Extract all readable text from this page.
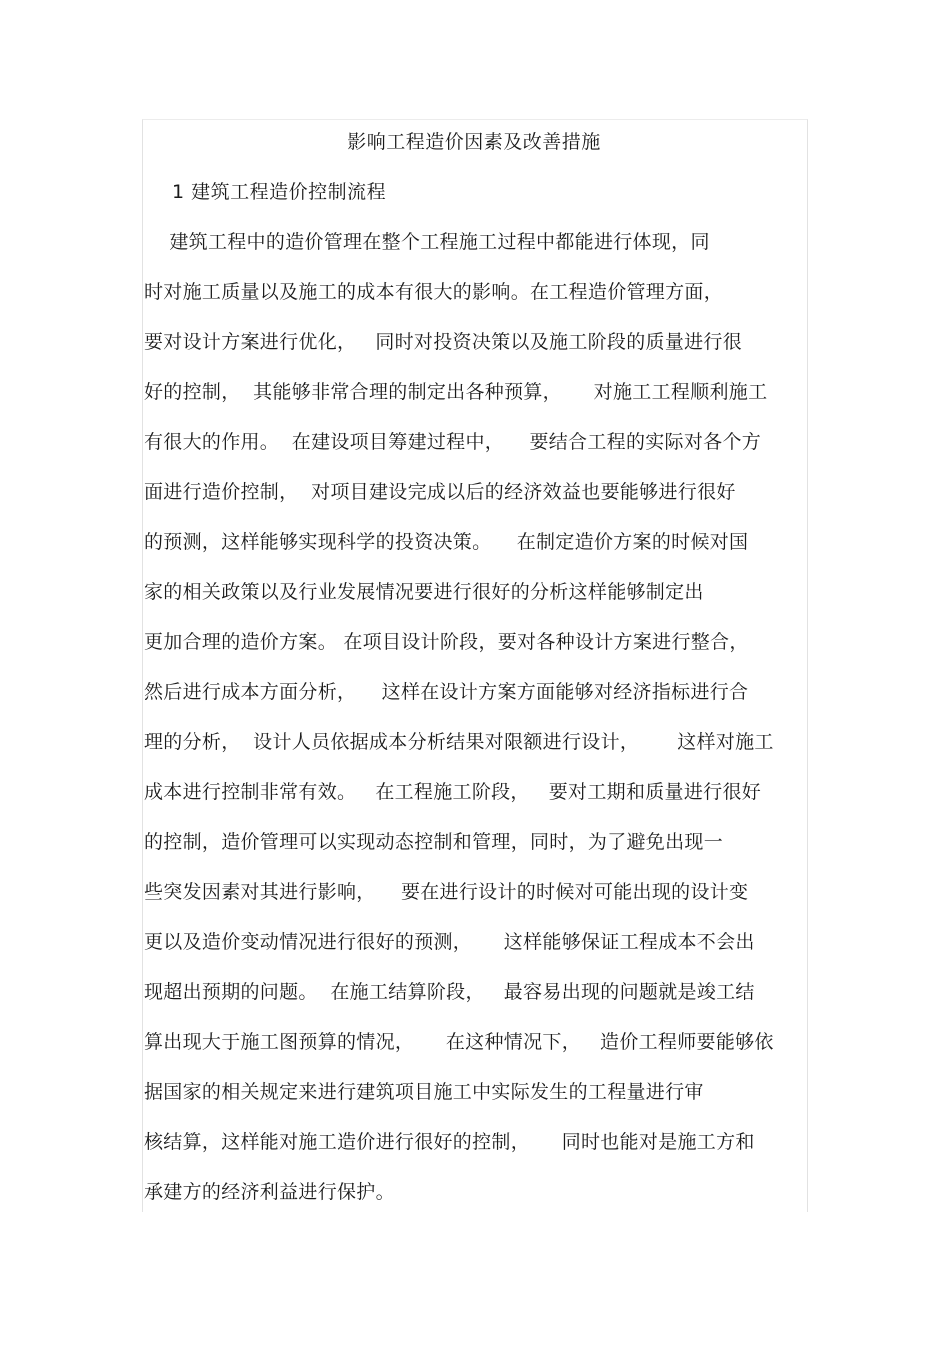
影响工程造价因素及改善措施
1 建筑工程造价控制流程
建筑工程中的造价管理在整个工程施工过程中都能进行体现，同
时对施工质量以及施工的成本有很大的影响。在工程造价管理方面，
要对设计方案进行优化，   同时对投资决策以及施工阶段的质量进行很
好的控制，  其能够非常合理的制定出各种预算，     对施工工程顺利施工
有很大的作用。  在建设项目筹建过程中，    要结合工程的实际对各个方
面进行造价控制，  对项目建设完成以后的经济效益也要能够进行很好
的预测，这样能够实现科学的投资决策。    在制定造价方案的时候对国
家的相关政策以及行业发展情况要进行很好的分析这样能够制定出
更加合理的造价方案。 在项目设计阶段，要对各种设计方案进行整合，
然后进行成本方面分析，    这样在设计方案方面能够对经济指标进行合
理的分析，  设计人员依据成本分析结果对限额进行设计，      这样对施工
成本进行控制非常有效。   在工程施工阶段，   要对工期和质量进行很好
的控制，造价管理可以实现动态控制和管理，同时，为了避免出现一
些突发因素对其进行影响，    要在进行设计的时候对可能出现的设计变
更以及造价变动情况进行很好的预测，     这样能够保证工程成本不会出
现超出预期的问题。  在施工结算阶段，   最容易出现的问题就是竣工结
算出现大于施工图预算的情况，     在这种情况下，   造价工程师要能够依
据国家的相关规定来进行建筑项目施工中实际发生的工程量进行审
核结算，这样能对施工造价进行很好的控制，     同时也能对是施工方和
承建方的经济利益进行保护。
